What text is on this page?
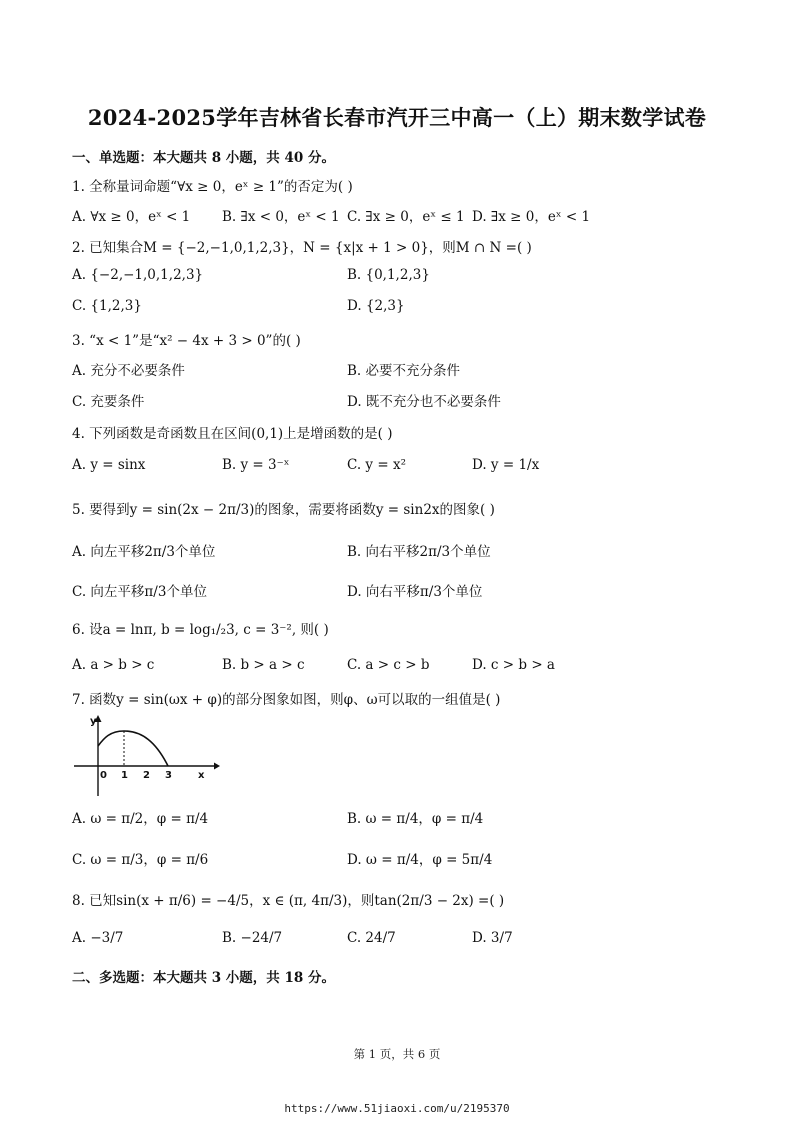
2024-2025学年吉林省长春市汽开三中高一（上）期末数学试卷
一、单选题：本大题共 8 小题，共 40 分。
1. 全称量词命题“∀x ≥ 0，eˣ ≥ 1”的否定为( )
A. ∀x ≥ 0，eˣ < 1 B. ∃x < 0，eˣ < 1 C. ∃x ≥ 0，eˣ ≤ 1 D. ∃x ≥ 0，eˣ < 1
2. 已知集合M = {−2,−1,0,1,2,3}，N = {x|x + 1 > 0}，则M ∩ N =( )
A. {−2,−1,0,1,2,3}	B. {0,1,2,3}
C. {1,2,3}	D. {2,3}
3. “x < 1”是“x² − 4x + 3 > 0”的( )
A. 充分不必要条件	B. 必要不充分条件
C. 充要条件	D. 既不充分也不必要条件
4. 下列函数是奇函数且在区间(0,1)上是增函数的是( )
A. y = sinx	B. y = 3⁻ˣ	C. y = x²	D. y = 1/x
5. 要得到y = sin(2x − 2π/3)的图象，需要将函数y = sin2x的图象( )
A. 向左平移2π/3个单位	B. 向右平移2π/3个单位
C. 向左平移π/3个单位	D. 向右平移π/3个单位
6. 设a = lnπ, b = log₁/₂3, c = 3⁻², 则( )
A. a > b > c	B. b > a > c	C. a > c > b	D. c > b > a
7. 函数y = sin(ωx + φ)的部分图象如图，则φ、ω可以取的一组值是( )
y
0 1 2 3	x
A. ω = π/2，φ = π/4	B. ω = π/4，φ = π/4
C. ω = π/3，φ = π/6	D. ω = π/4，φ = 5π/4
8. 已知sin(x + π/6) = −4/5，x ∈ (π, 4π/3)，则tan(2π/3 − 2x) =( )
A. −3/7	B. −24/7	C. 24/7	D. 3/7
二、多选题：本大题共 3 小题，共 18 分。
第 1 页，共 6 页
https://www.51jiaoxi.com/u/2195370
